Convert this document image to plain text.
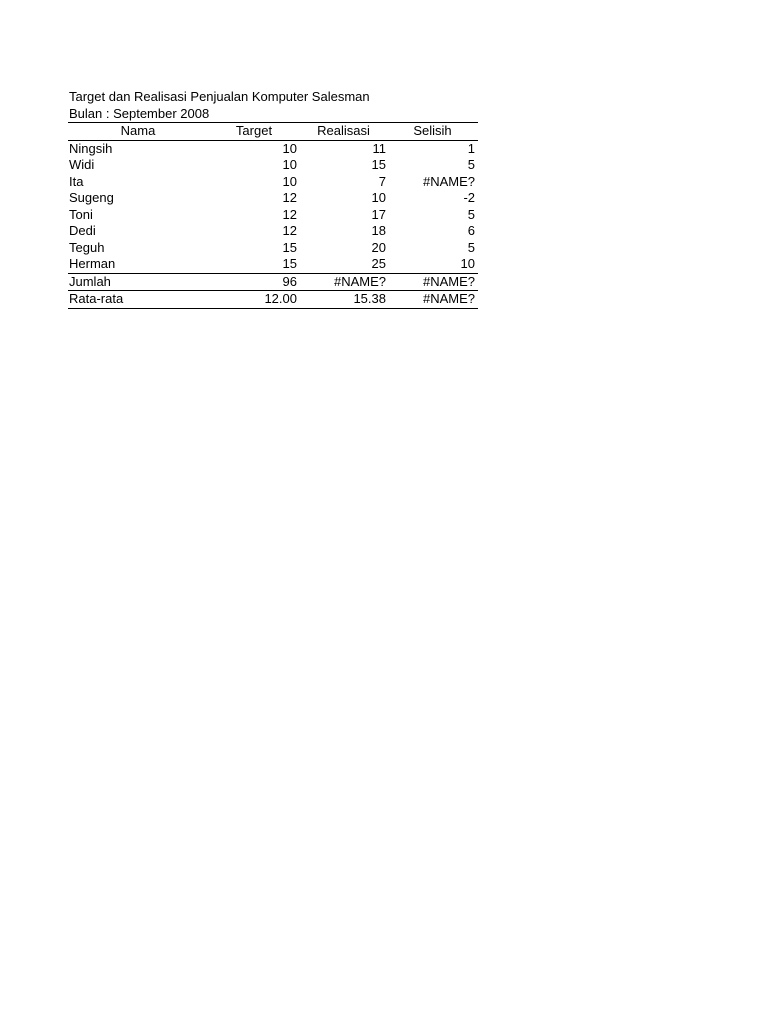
Target dan Realisasi Penjualan Komputer Salesman
Bulan : September 2008
Nama	Target	Realisasi	Selisih
Ningsih	10	11	1
Widi	10	15	5
Ita	10	7	#NAME?
Sugeng	12	10	-2
Toni	12	17	5
Dedi	12	18	6
Teguh	15	20	5
Herman	15	25	10
Jumlah	96	#NAME?	#NAME?
Rata-rata	12.00	15.38	#NAME?
